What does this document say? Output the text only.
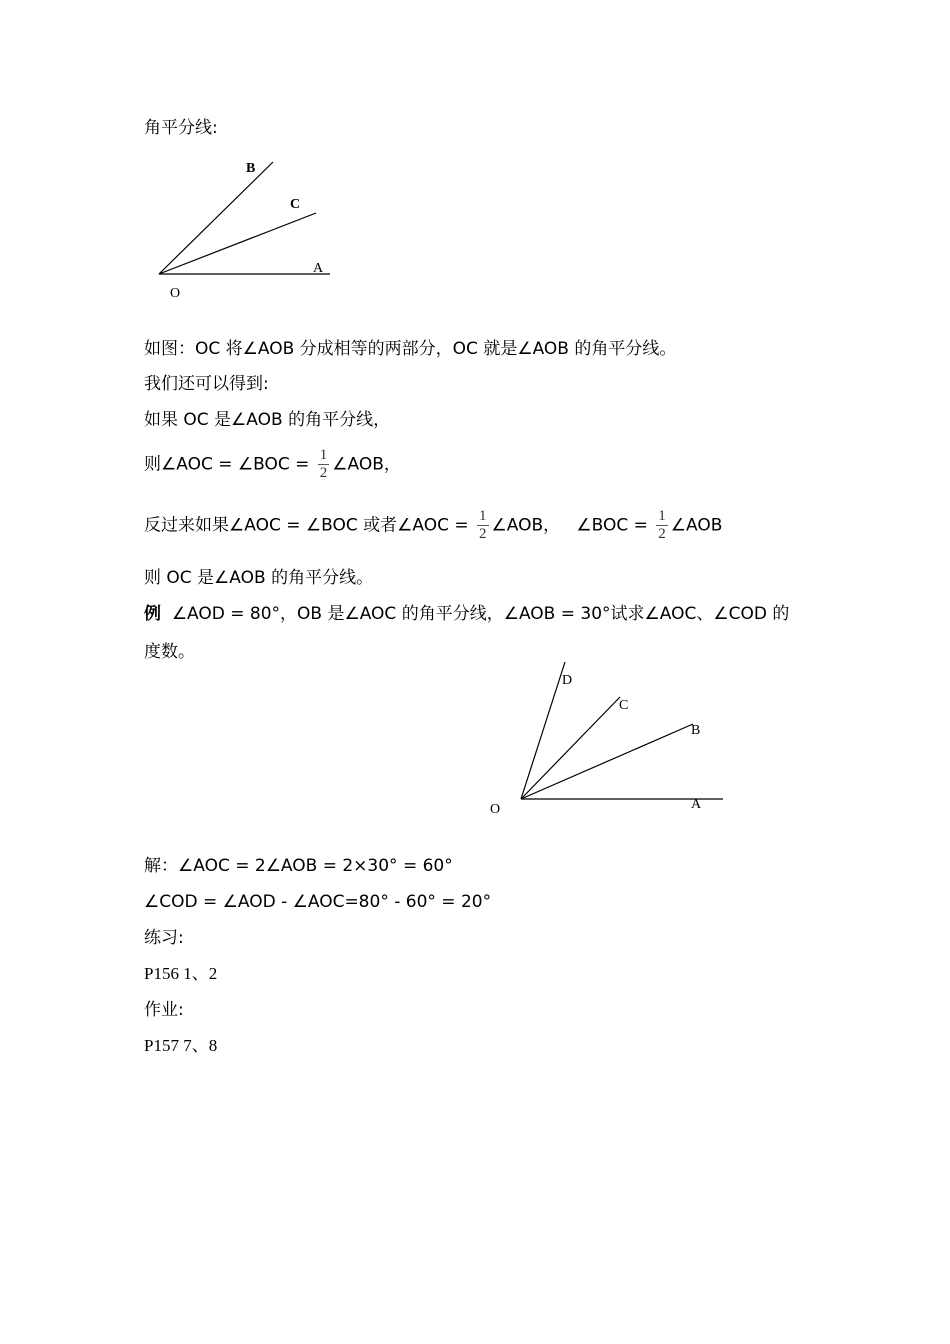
角平分线:
B
C
A
O
D
C
B
A
O
如图：OC 将∠AOB 分成相等的两部分，OC 就是∠AOB 的角平分线。
我们还可以得到:
如果 OC 是∠AOB 的角平分线，
则∠AOC = ∠BOC = $\frac{1}{2}$ ∠AOB，
反过来如果∠AOC = ∠BOC 或者∠AOC = $\frac{1}{2}$ ∠AOB， ∠BOC = $\frac{1}{2}$ ∠AOB
则 OC 是∠AOB 的角平分线。
例 ∠AOD = 80°，OB 是∠AOC 的角平分线，∠AOB = 30°试求∠AOC、∠COD 的
度数。
解：∠AOC = 2∠AOB = 2×30° = 60°
∠COD = ∠AOD - ∠AOC=80° - 60° = 20°
练习:
P156 1、2
作业:
P157 7、8
